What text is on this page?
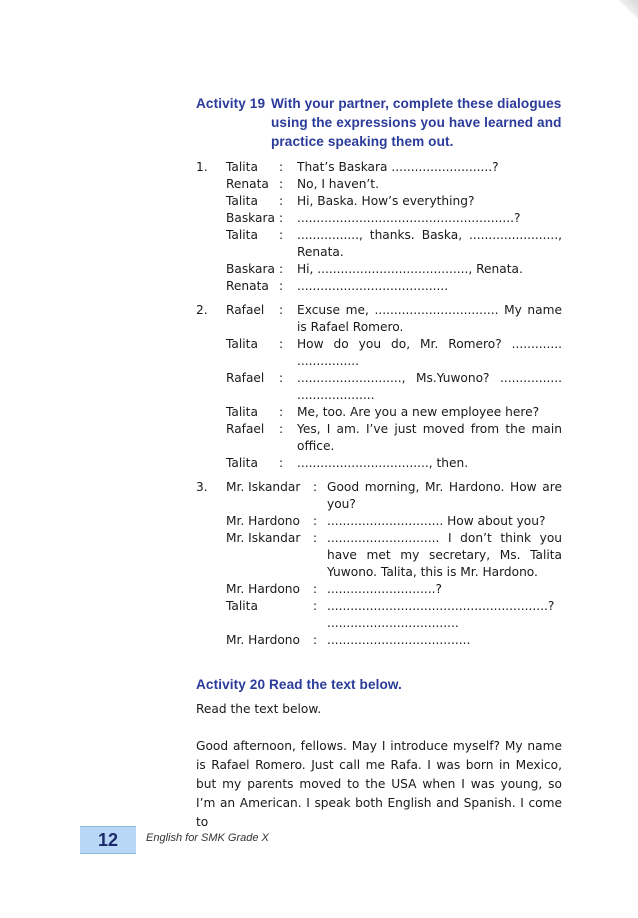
Activity 19 With your partner, complete these dialogues using the expressions you have learned and practice speaking them out.
1.	Talita	:	That’s Baskara ..........................?
Renata :	No, I haven’t.
Talita	:	Hi, Baska. How’s everything?
Baskara :	........................................................?
Talita	:	................, thanks. Baska, ......................., Renata.
Baskara :	Hi, ......................................., Renata.
Renata :	.......................................
2.	Rafael	:	Excuse me, ................................ My name is Rafael Romero.
Talita	:	How do you do, Mr. Romero? ............. ................
Rafael	:	..........................., Ms.Yuwono? ................ ....................
Talita	:	Me, too. Are you a new employee here?
Rafael	:	Yes, I am. I’ve just moved from the main office.
Talita	:	.................................., then.
3.	Mr. Iskandar	: Good morning, Mr. Hardono. How are you?
Mr. Hardono	: .............................. How about you?
Mr. Iskandar	: ............................. I don’t think you have met my secretary, Ms. Talita Yuwono. Talita, this is Mr. Hardono.
Mr. Hardono	: ............................?
Talita	: .........................................................? ..................................
Mr. Hardono	: .....................................
Activity 20 Read the text below.
Read the text below.
Good afternoon, fellows. May I introduce myself? My name is Rafael Romero. Just call me Rafa. I was born in Mexico, but my parents moved to the USA when I was young, so I’m an American. I speak both English and Spanish. I come to
12	English for SMK Grade X
